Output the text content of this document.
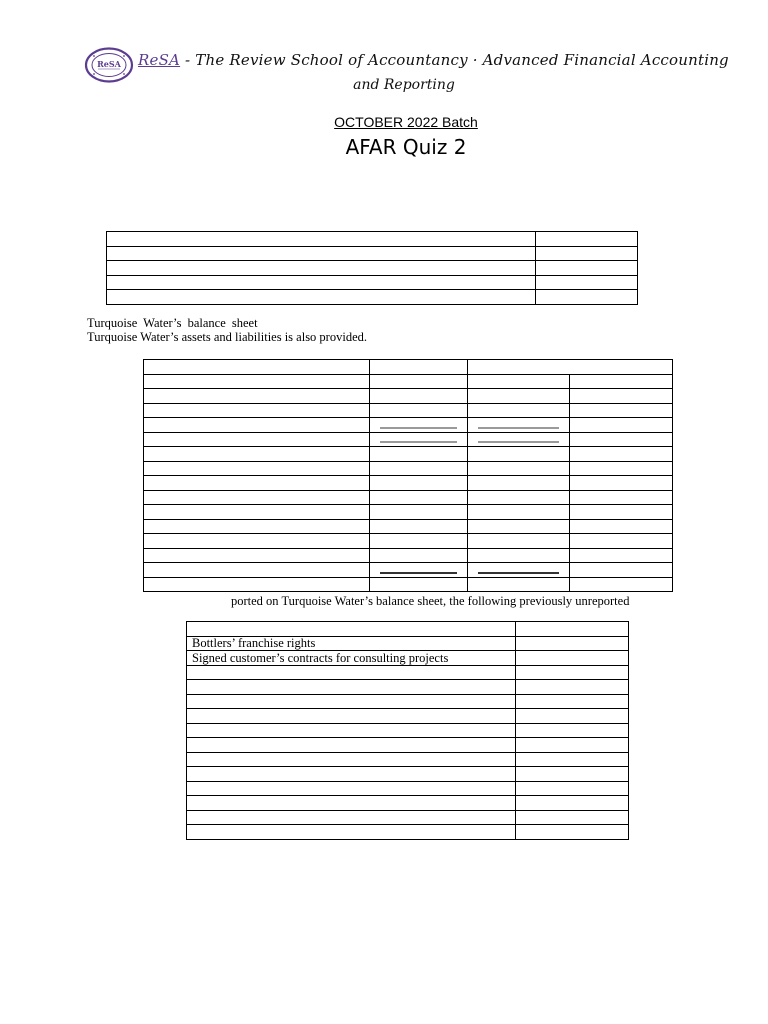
ReSA ReSA - The Review School of Accountancy · Advanced Financial Accounting
and Reporting
OCTOBER 2022 Batch
AFAR Quiz 2

Turquoise Water’s balance sheet
Turquoise Water’s assets and liabilities is also provided.

ported on Turquoise Water’s balance sheet, the following previously unreported

Bottlers’ franchise rights	
Signed customer’s contracts for consulting projects	
